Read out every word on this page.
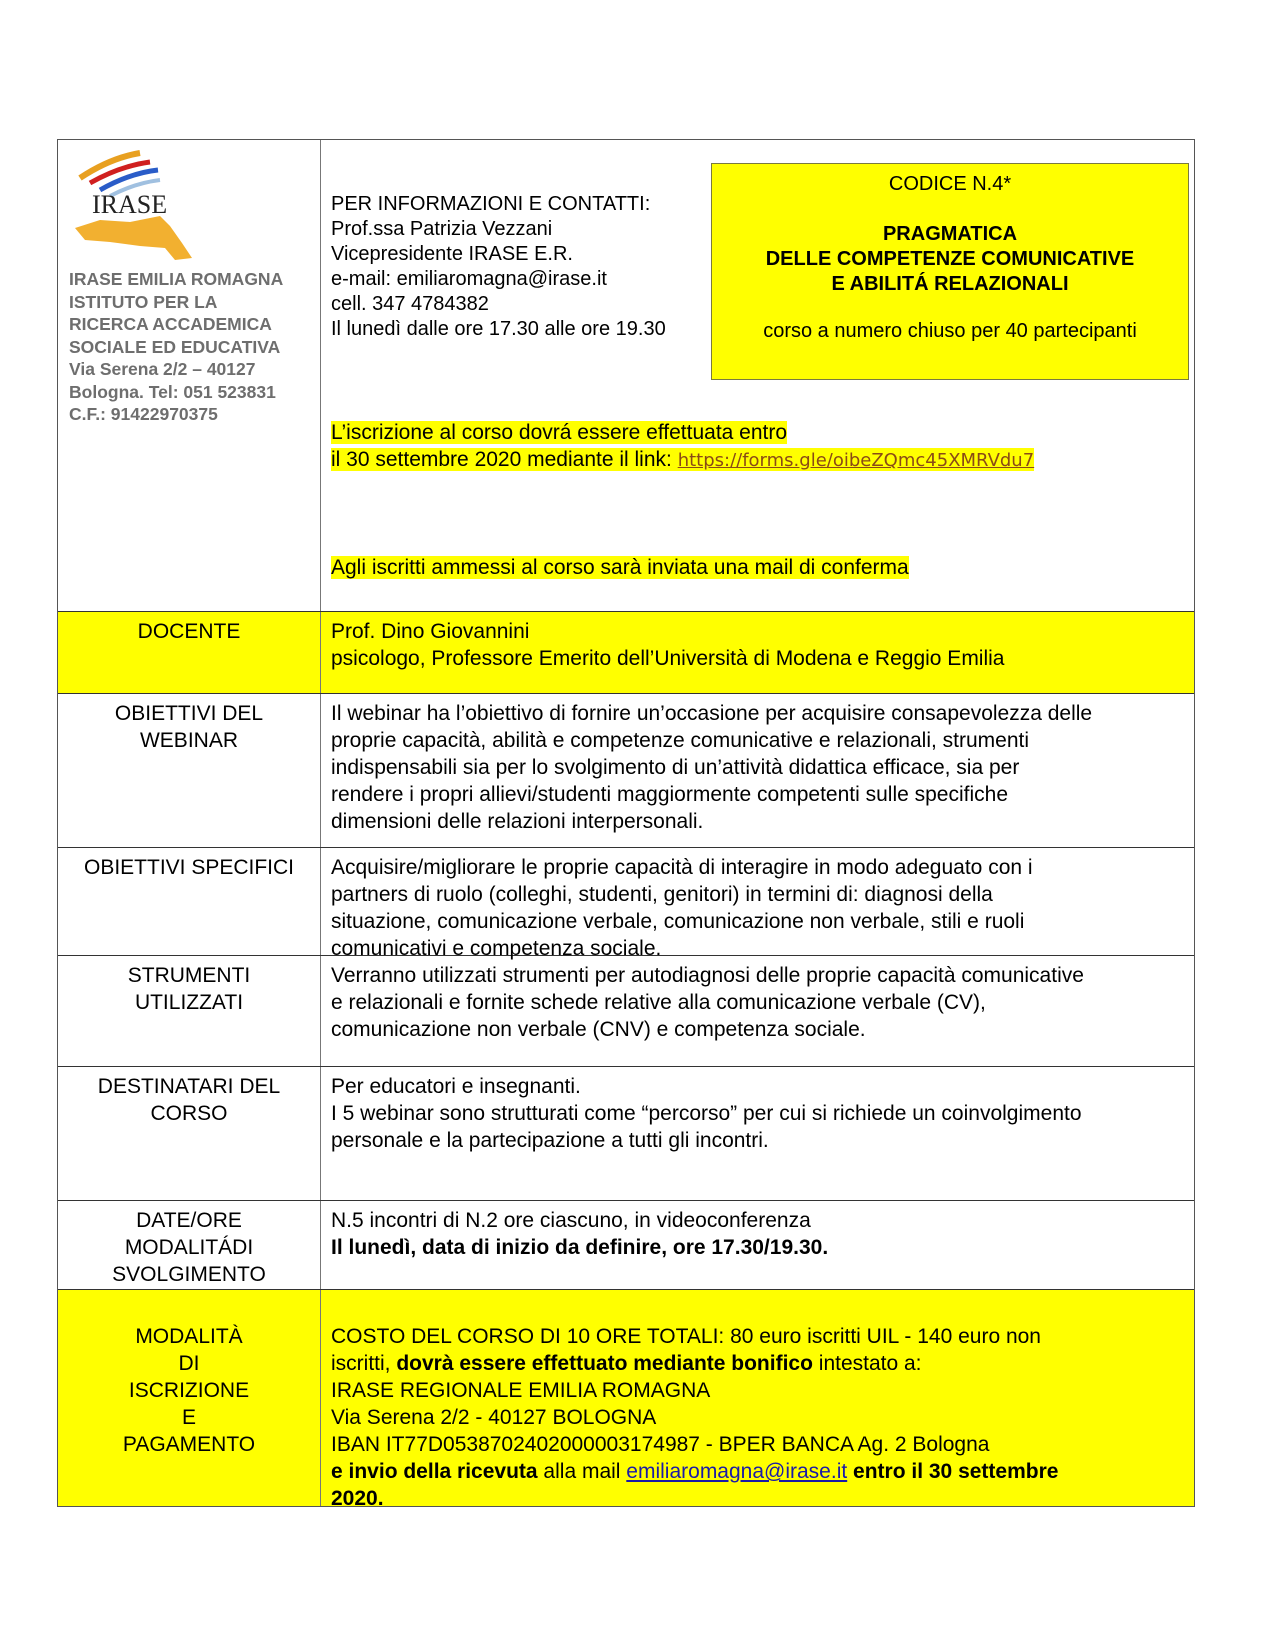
IRASE
IRASE EMILIA ROMAGNA
ISTITUTO PER LA
RICERCA ACCADEMICA
SOCIALE ED EDUCATIVA
Via Serena 2/2 – 40127
Bologna. Tel: 051 523831
C.F.: 91422970375
PER INFORMAZIONI E CONTATTI:
Prof.ssa Patrizia Vezzani
Vicepresidente IRASE E.R.
e-mail: emiliaromagna@irase.it
cell. 347 4784382
Il lunedì dalle ore 17.30 alle ore 19.30
L’iscrizione al corso dovrá essere effettuata entro
il 30 settembre 2020 mediante il link: https://forms.gle/oibeZQmc45XMRVdu7
Agli iscritti ammessi al corso sarà inviata una mail di conferma
DOCENTE	Prof. Dino Giovannini
psicologo, Professore Emerito dell’Università di Modena e Reggio Emilia
OBIETTIVI DEL
WEBINAR
Il webinar ha l’obiettivo di fornire un’occasione per acquisire consapevolezza delle
proprie capacità, abilità e competenze comunicative e relazionali, strumenti
indispensabili sia per lo svolgimento di un’attività didattica efficace, sia per
rendere i propri allievi/studenti maggiormente competenti sulle specifiche
dimensioni delle relazioni interpersonali.
OBIETTIVI SPECIFICI	Acquisire/migliorare le proprie capacità di interagire in modo adeguato con i
partners di ruolo (colleghi, studenti, genitori) in termini di: diagnosi della
situazione, comunicazione verbale, comunicazione non verbale, stili e ruoli
comunicativi e competenza sociale.
STRUMENTI
UTILIZZATI
Verranno utilizzati strumenti per autodiagnosi delle proprie capacità comunicative
e relazionali e fornite schede relative alla comunicazione verbale (CV),
comunicazione non verbale (CNV) e competenza sociale.
DESTINATARI DEL
CORSO
Per educatori e insegnanti.
I 5 webinar sono strutturati come “percorso” per cui si richiede un coinvolgimento
personale e la partecipazione a tutti gli incontri.
DATE/ORE
MODALITÁDI
SVOLGIMENTO
N.5 incontri di N.2 ore ciascuno, in videoconferenza
Il lunedì, data di inizio da definire, ore 17.30/19.30.
MODALITÀ
DI
ISCRIZIONE
E
PAGAMENTO
COSTO DEL CORSO DI 10 ORE TOTALI: 80 euro iscritti UIL - 140 euro non
iscritti, dovrà essere effettuato mediante bonifico intestato a:
IRASE REGIONALE EMILIA ROMAGNA
Via Serena 2/2 - 40127 BOLOGNA
IBAN IT77D0538702402000003174987 - BPER BANCA Ag. 2 Bologna
e invio della ricevuta alla mail emiliaromagna@irase.it entro il 30 settembre
2020.
CODICE N.4*
PRAGMATICA
DELLE COMPETENZE COMUNICATIVE
E ABILITÁ RELAZIONALI
corso a numero chiuso per 40 partecipanti
